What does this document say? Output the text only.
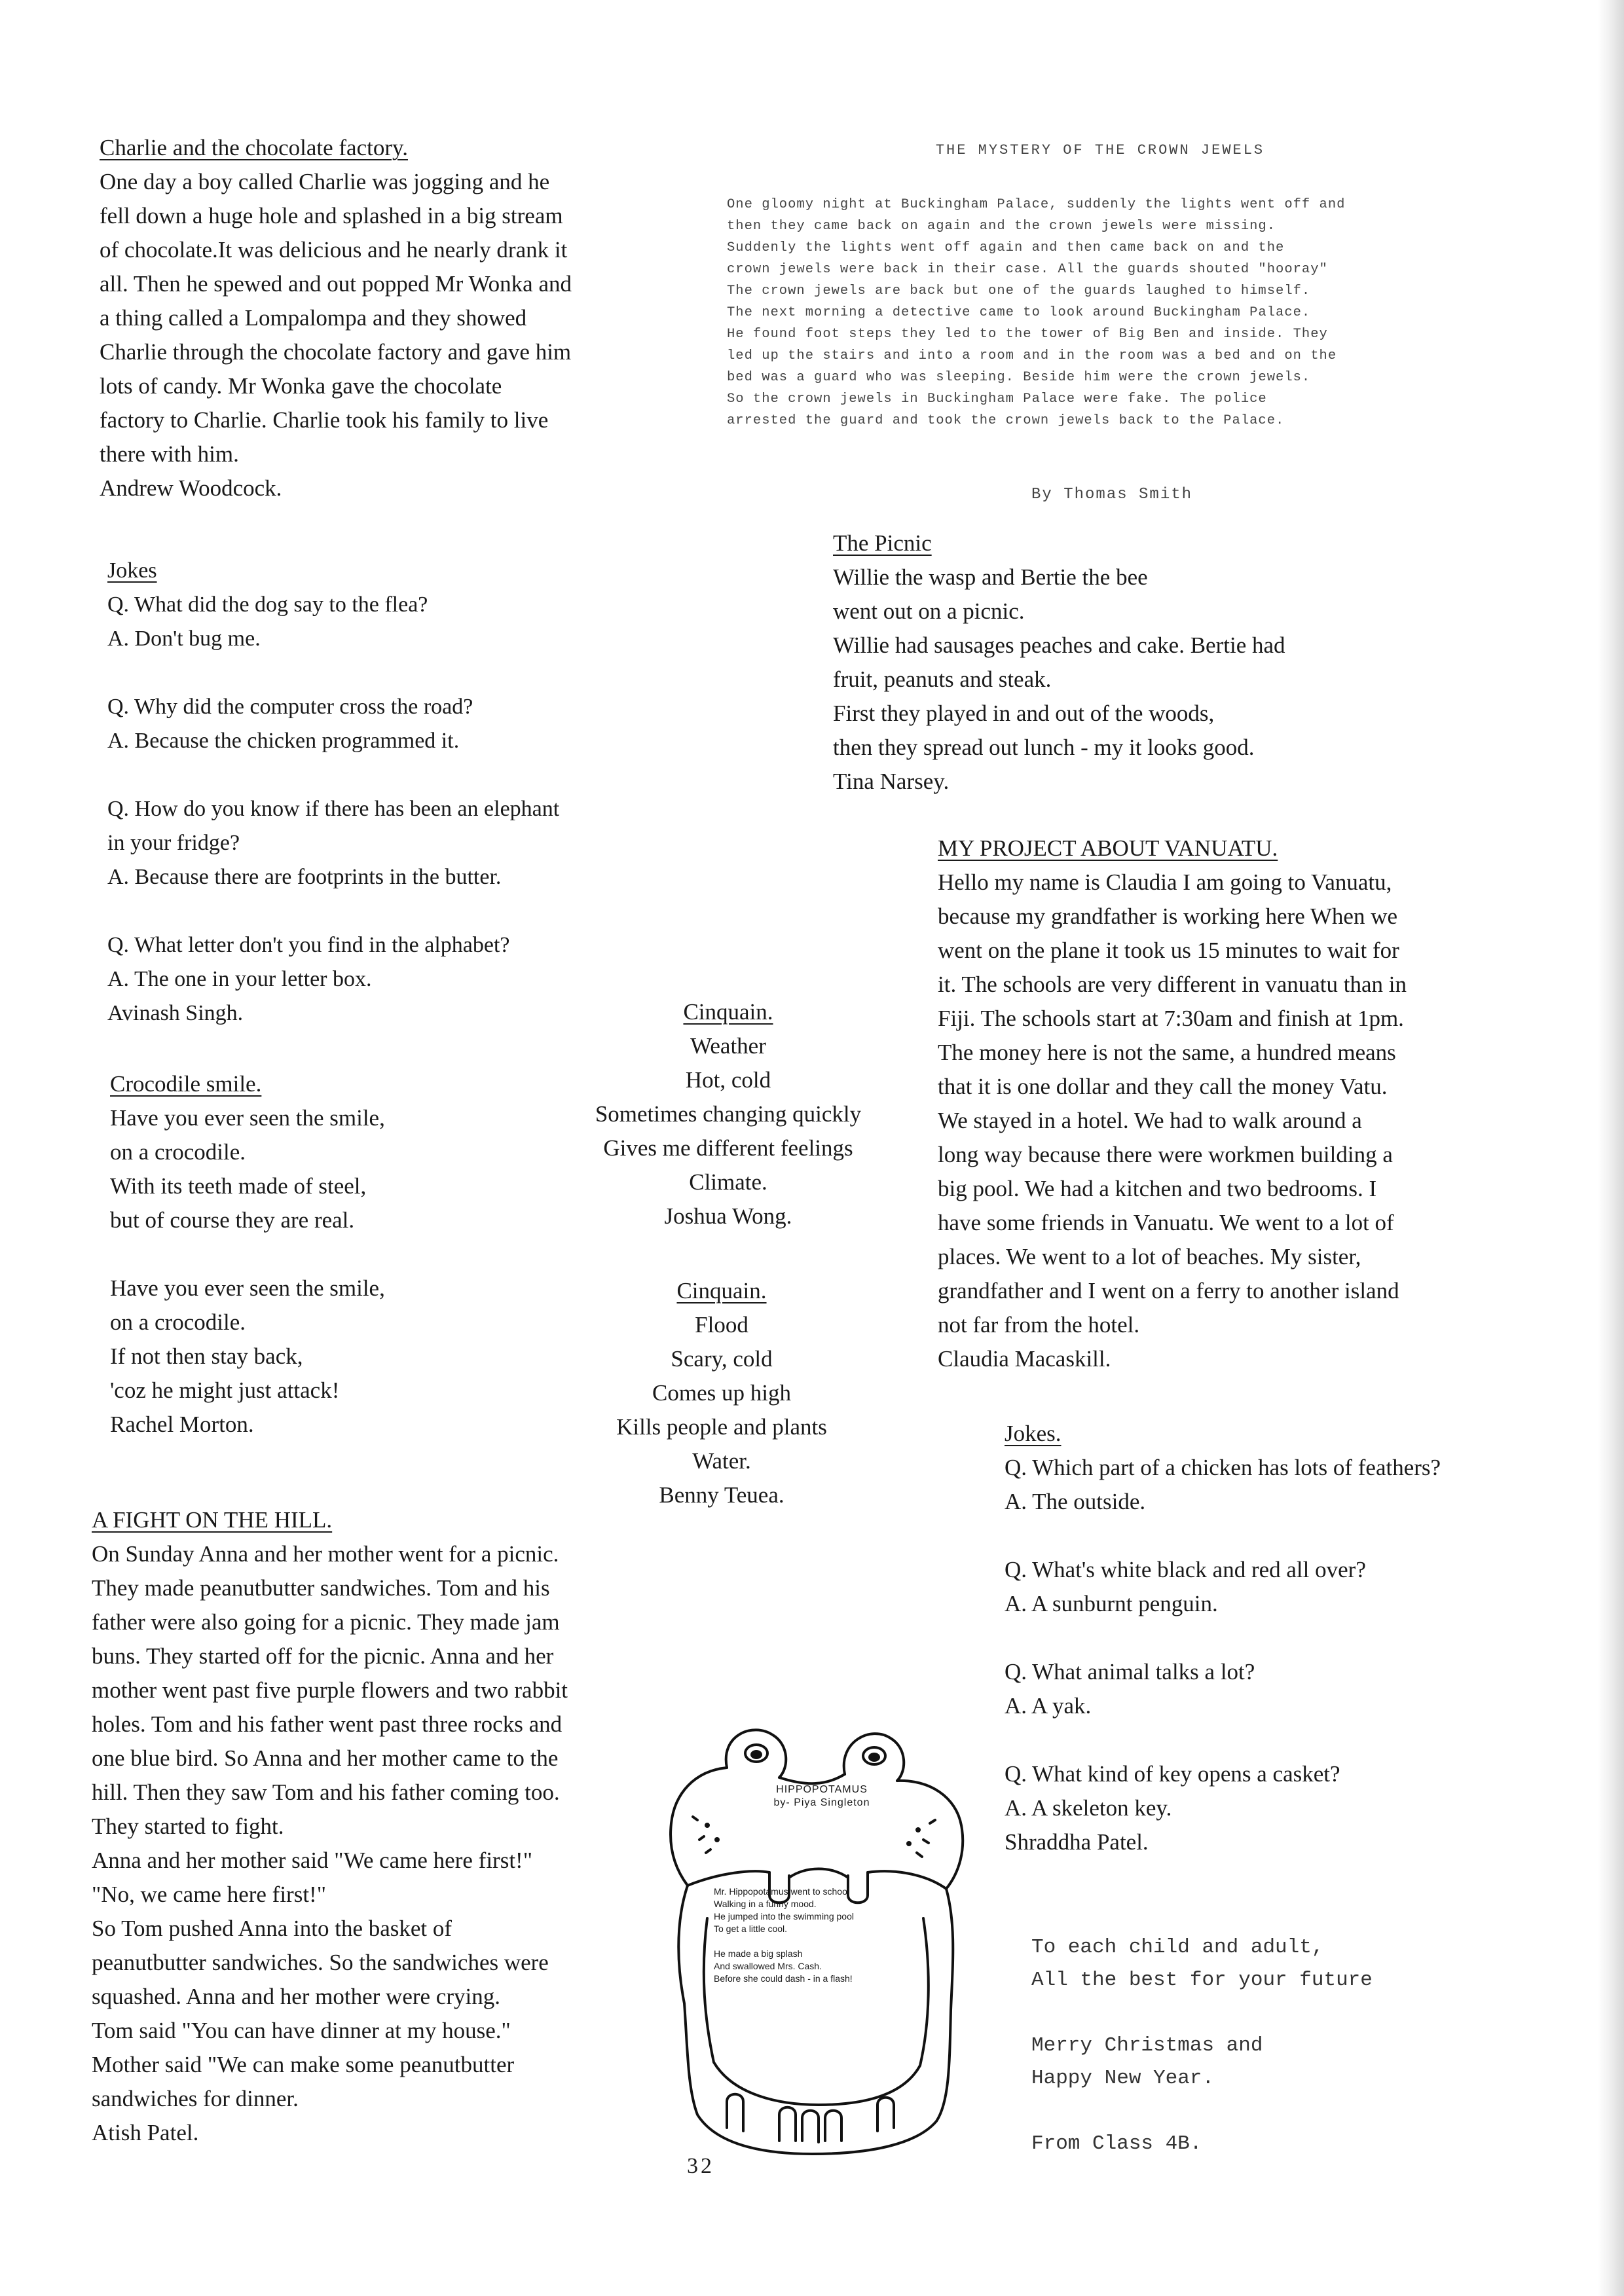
Charlie and the chocolate factory.
One day a boy called Charlie was jogging and he
fell down a huge hole and splashed in a big stream
of chocolate.It was delicious and he nearly drank it
all. Then he spewed and out popped Mr Wonka and
a thing called a Lompalompa and they showed
Charlie through the chocolate factory and gave him
lots of candy. Mr Wonka gave the chocolate
factory to Charlie. Charlie took his family to live
there with him.
Andrew Woodcock.
THE MYSTERY OF THE CROWN JEWELS
One gloomy night at Buckingham Palace, suddenly the lights went off and
then they came back on again and the crown jewels were missing.
Suddenly the lights went off again and then came back on and the
crown jewels were back in their case. All the guards shouted "hooray"
The crown jewels are back but one of the guards laughed to himself.
The next morning a detective came to look around Buckingham Palace.
He found foot steps they led to the tower of Big Ben and inside. They
led up the stairs and into a room and in the room was a bed and on the
bed was a guard who was sleeping. Beside him were the crown jewels.
So the crown jewels in Buckingham Palace were fake. The police
arrested the guard and took the crown jewels back to the Palace.
By Thomas Smith
Jokes
Q. What did the dog say to the flea?
A. Don't bug me.
Q. Why did the computer cross the road?
A. Because the chicken programmed it.
Q. How do you know if there has been an elephant
in your fridge?
A. Because there are footprints in the butter.
Q. What letter don't you find in the alphabet?
A. The one in your letter box.
Avinash Singh.
The Picnic
Willie the wasp and Bertie the bee
went out on a picnic.
Willie had sausages peaches and cake. Bertie had
fruit, peanuts and steak.
First they played in and out of the woods,
then they spread out lunch - my it looks good.
Tina Narsey.
MY PROJECT ABOUT VANUATU.
Hello my name is Claudia I am going to Vanuatu,
because my grandfather is working here When we
went on the plane it took us 15 minutes to wait for
it. The schools are very different in vanuatu than in
Fiji. The schools start at 7:30am and finish at 1pm.
The money here is not the same, a hundred means
that it is one dollar and they call the money Vatu.
We stayed in a hotel. We had to walk around a
long way because there were workmen building a
big pool. We had a kitchen and two bedrooms. I
have some friends in Vanuatu. We went to a lot of
places. We went to a lot of beaches. My sister,
grandfather and I went on a ferry to another island
not far from the hotel.
Claudia Macaskill.
Cinquain.
Weather
Hot, cold
Sometimes changing quickly
Gives me different feelings
Climate.
Joshua Wong.
Cinquain.
Flood
Scary, cold
Comes up high
Kills people and plants
Water.
Benny Teuea.
Crocodile smile.
Have you ever seen the smile,
on a crocodile.
With its teeth made of steel,
but of course they are real.
Have you ever seen the smile,
on a crocodile.
If not then stay back,
'coz he might just attack!
Rachel Morton.
A FIGHT ON THE HILL.
On Sunday Anna and her mother went for a picnic.
They made peanutbutter sandwiches. Tom and his
father were also going for a picnic. They made jam
buns. They started off for the picnic. Anna and her
mother went past five purple flowers and two rabbit
holes. Tom and his father went past three rocks and
one blue bird. So Anna and her mother came to the
hill. Then they saw Tom and his father coming too.
They started to fight.
Anna and her mother said "We came here first!"
"No, we came here first!"
So Tom pushed Anna into the basket of
peanutbutter sandwiches. So the sandwiches were
squashed. Anna and her mother were crying.
Tom said "You can have dinner at my house."
Mother said "We can make some peanutbutter
sandwiches for dinner.
Atish Patel.
Jokes.
Q. Which part of a chicken has lots of feathers?
A. The outside.
Q. What's white black and red all over?
A. A sunburnt penguin.
Q. What animal talks a lot?
A. A yak.
Q. What kind of key opens a casket?
A. A skeleton key.
Shraddha Patel.
HIPPOPOTAMUS
by- Piya Singleton
Mr. Hippopotamus went to school
Walking in a funny mood.
He jumped into the swimming pool
To get a little cool.
He made a big splash
And swallowed Mrs. Cash.
Before she could dash - in a flash!
To each child and adult,
All the best for your future
Merry Christmas and
Happy New Year.
From Class 4B.
32
